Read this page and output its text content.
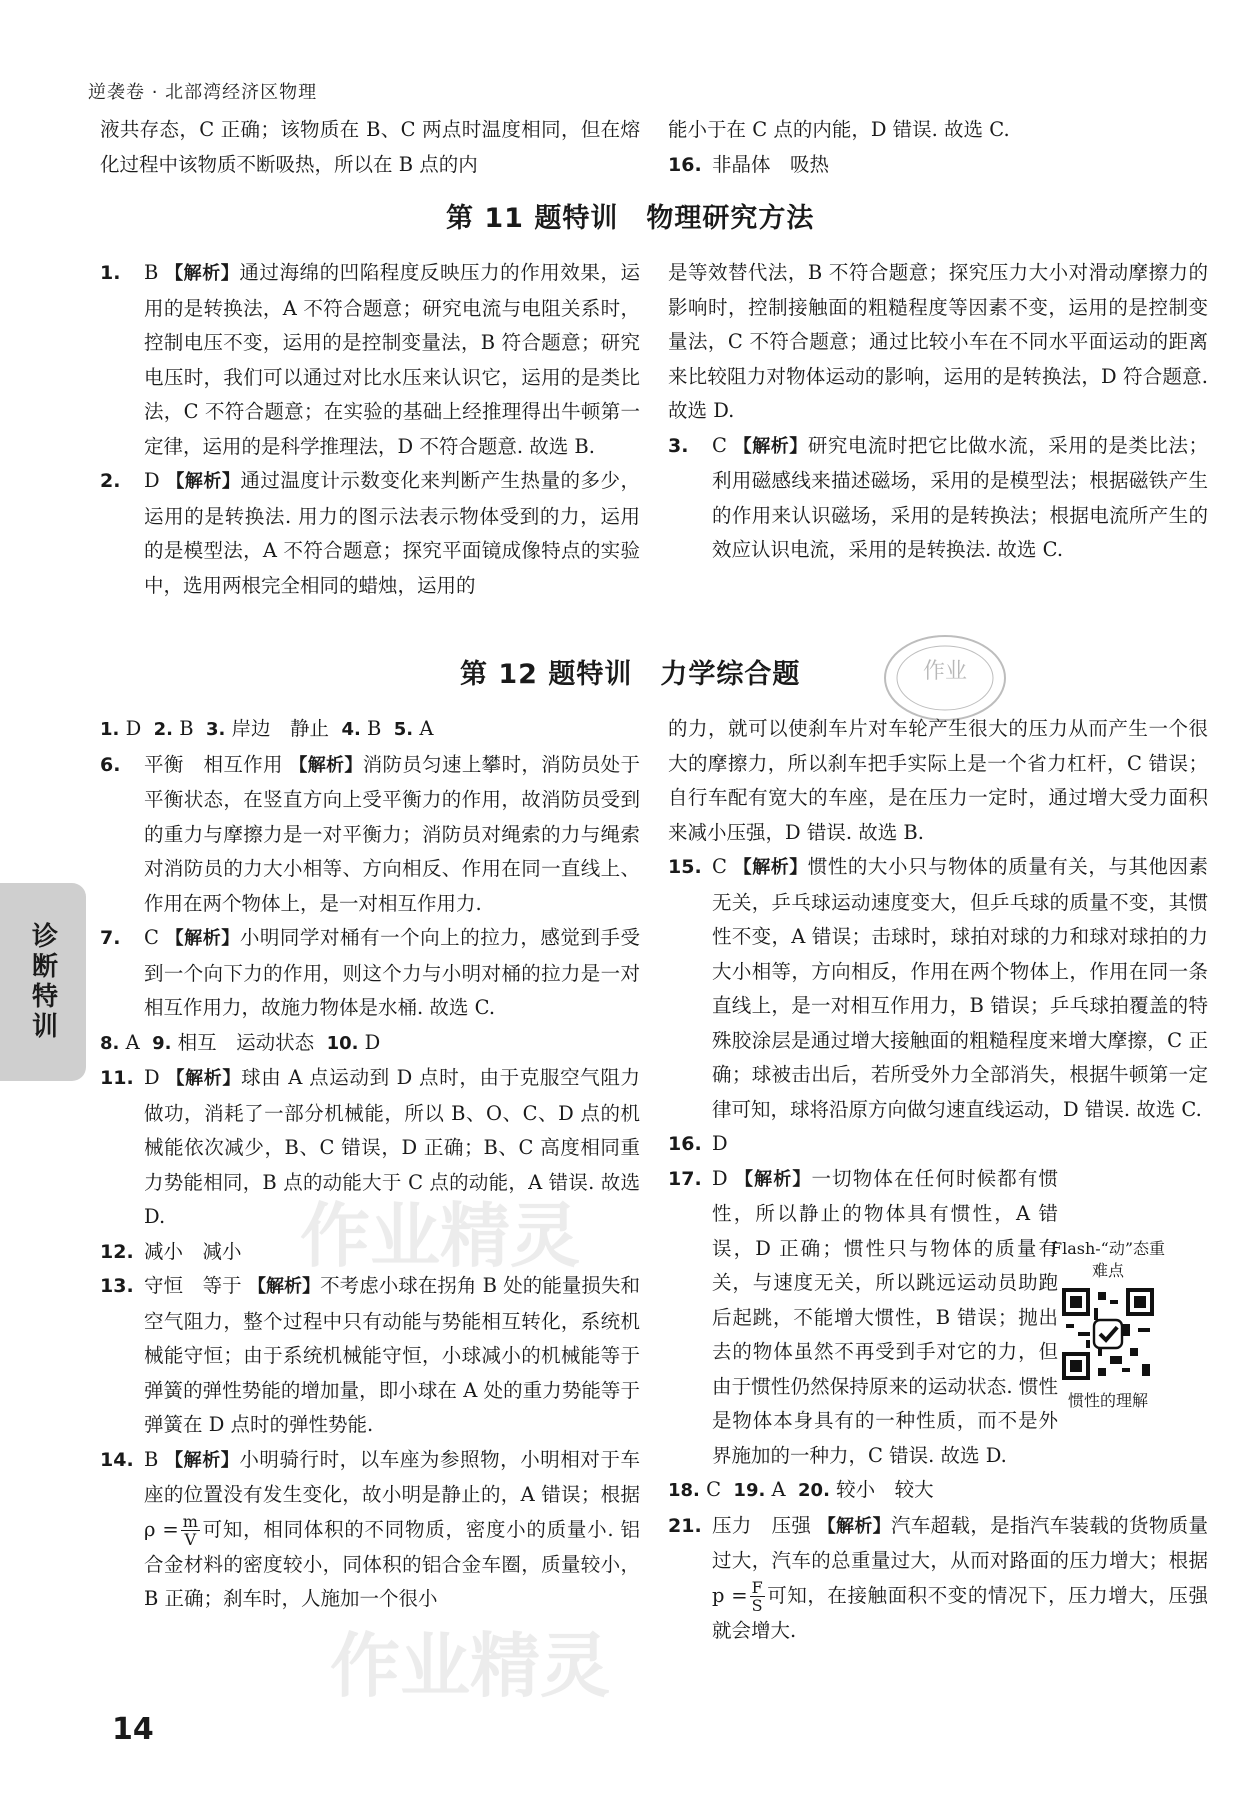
逆袭卷 · 北部湾经济区物理
诊断特训

液共存态，C 正确；该物质在 B、C 两点时温度相同，但在熔化过程中该物质不断吸热，所以在 B 点的内

能小于在 C 点的内能，D 错误. 故选 C.

16. 非晶体　吸热

第 11 题特训　物理研究方法

1. B 【解析】通过海绵的凹陷程度反映压力的作用效果，运用的是转换法，A 不符合题意；研究电流与电阻关系时，控制电压不变，运用的是控制变量法，B 符合题意；研究电压时，我们可以通过对比水压来认识它，运用的是类比法，C 不符合题意；在实验的基础上经推理得出牛顿第一定律，运用的是科学推理法，D 不符合题意. 故选 B.

2. D 【解析】通过温度计示数变化来判断产生热量的多少，运用的是转换法. 用力的图示法表示物体受到的力，运用的是模型法，A 不符合题意；探究平面镜成像特点的实验中，选用两根完全相同的蜡烛，运用的

是等效替代法，B 不符合题意；探究压力大小对滑动摩擦力的影响时，控制接触面的粗糙程度等因素不变，运用的是控制变量法，C 不符合题意；通过比较小车在不同水平面运动的距离来比较阻力对物体运动的影响，运用的是转换法，D 符合题意. 故选 D.

3. C 【解析】研究电流时把它比做水流，采用的是类比法；利用磁感线来描述磁场，采用的是模型法；根据磁铁产生的作用来认识磁场，采用的是转换法；根据电流所产生的效应认识电流，采用的是转换法. 故选 C.

第 12 题特训　力学综合题	作业

1. D 2. B 3. 岸边　静止 4. B 5. A

6. 平衡　相互作用 【解析】消防员匀速上攀时，消防员处于平衡状态，在竖直方向上受平衡力的作用，故消防员受到的重力与摩擦力是一对平衡力；消防员对绳索的力与绳索对消防员的力大小相等、方向相反、作用在同一直线上、作用在两个物体上，是一对相互作用力.

7. C 【解析】小明同学对桶有一个向上的拉力，感觉到手受到一个向下力的作用，则这个力与小明对桶的拉力是一对相互作用力，故施力物体是水桶. 故选 C.

8. A 9. 相互　运动状态 10. D

11. D 【解析】球由 A 点运动到 D 点时，由于克服空气阻力做功，消耗了一部分机械能，所以 B、O、C、D 点的机械能依次减少，B、C 错误，D 正确；B、C 高度相同重力势能相同，B 点的动能大于 C 点的动能，A 错误. 故选 D.

12. 减小　减小

13. 守恒　等于 【解析】不考虑小球在拐角 B 处的能量损失和空气阻力，整个过程中只有动能与势能相互转化，系统机械能守恒；由于系统机械能守恒，小球减小的机械能等于弹簧的弹性势能的增加量，即小球在 A 处的重力势能等于弹簧在 D 点时的弹性势能.

14. B 【解析】小明骑行时，以车座为参照物，小明相对于车座的位置没有发生变化，故小明是静止的，A 错误；根据 $\rho = \frac{m}{V}$ 可知，相同体积的不同物质，密度小的质量小. 铝合金材料的密度较小，同体积的铝合金车圈，质量较小，B 正确；刹车时，人施加一个很小

的力，就可以使刹车片对车轮产生很大的压力从而产生一个很大的摩擦力，所以刹车把手实际上是一个省力杠杆，C 错误；自行车配有宽大的车座，是在压力一定时，通过增大受力面积来减小压强，D 错误. 故选 B.

15. C 【解析】惯性的大小只与物体的质量有关，与其他因素无关，乒乓球运动速度变大，但乒乓球的质量不变，其惯性不变，A 错误；击球时，球拍对球的力和球对球拍的力大小相等，方向相反，作用在两个物体上，作用在同一条直线上，是一对相互作用力，B 错误；乒乓球拍覆盖的特殊胶涂层是通过增大接触面的粗糙程度来增大摩擦，C 正确；球被击出后，若所受外力全部消失，根据牛顿第一定律可知，球将沿原方向做匀速直线运动，D 错误. 故选 C.

16. D

17. D 【解析】一切物体在任何时候都有惯性，所以静止的物体具有惯性，A 错误，D 正确；惯性只与物体的质量有关，与速度无关，所以跳远运动员助跑后起跳，不能增大惯性，B 错误；抛出去的物体虽然不再受到手对它的力，但由于惯性仍然保持原来的运动状态. 惯性是物体本身具有的一种性质，而不是外界施加的一种力，C 错误. 故选 D.

18. C 19. A 20. 较小　较大

21. 压力　压强 【解析】汽车超载，是指汽车装载的货物质量过大，汽车的总重量过大，从而对路面的压力增大；根据 $p = \frac{F}{S}$ 可知，在接触面积不变的情况下，压力增大，压强就会增大.

Flash-“动”态重难点
惯性的理解
作业精灵
作业精灵
14
